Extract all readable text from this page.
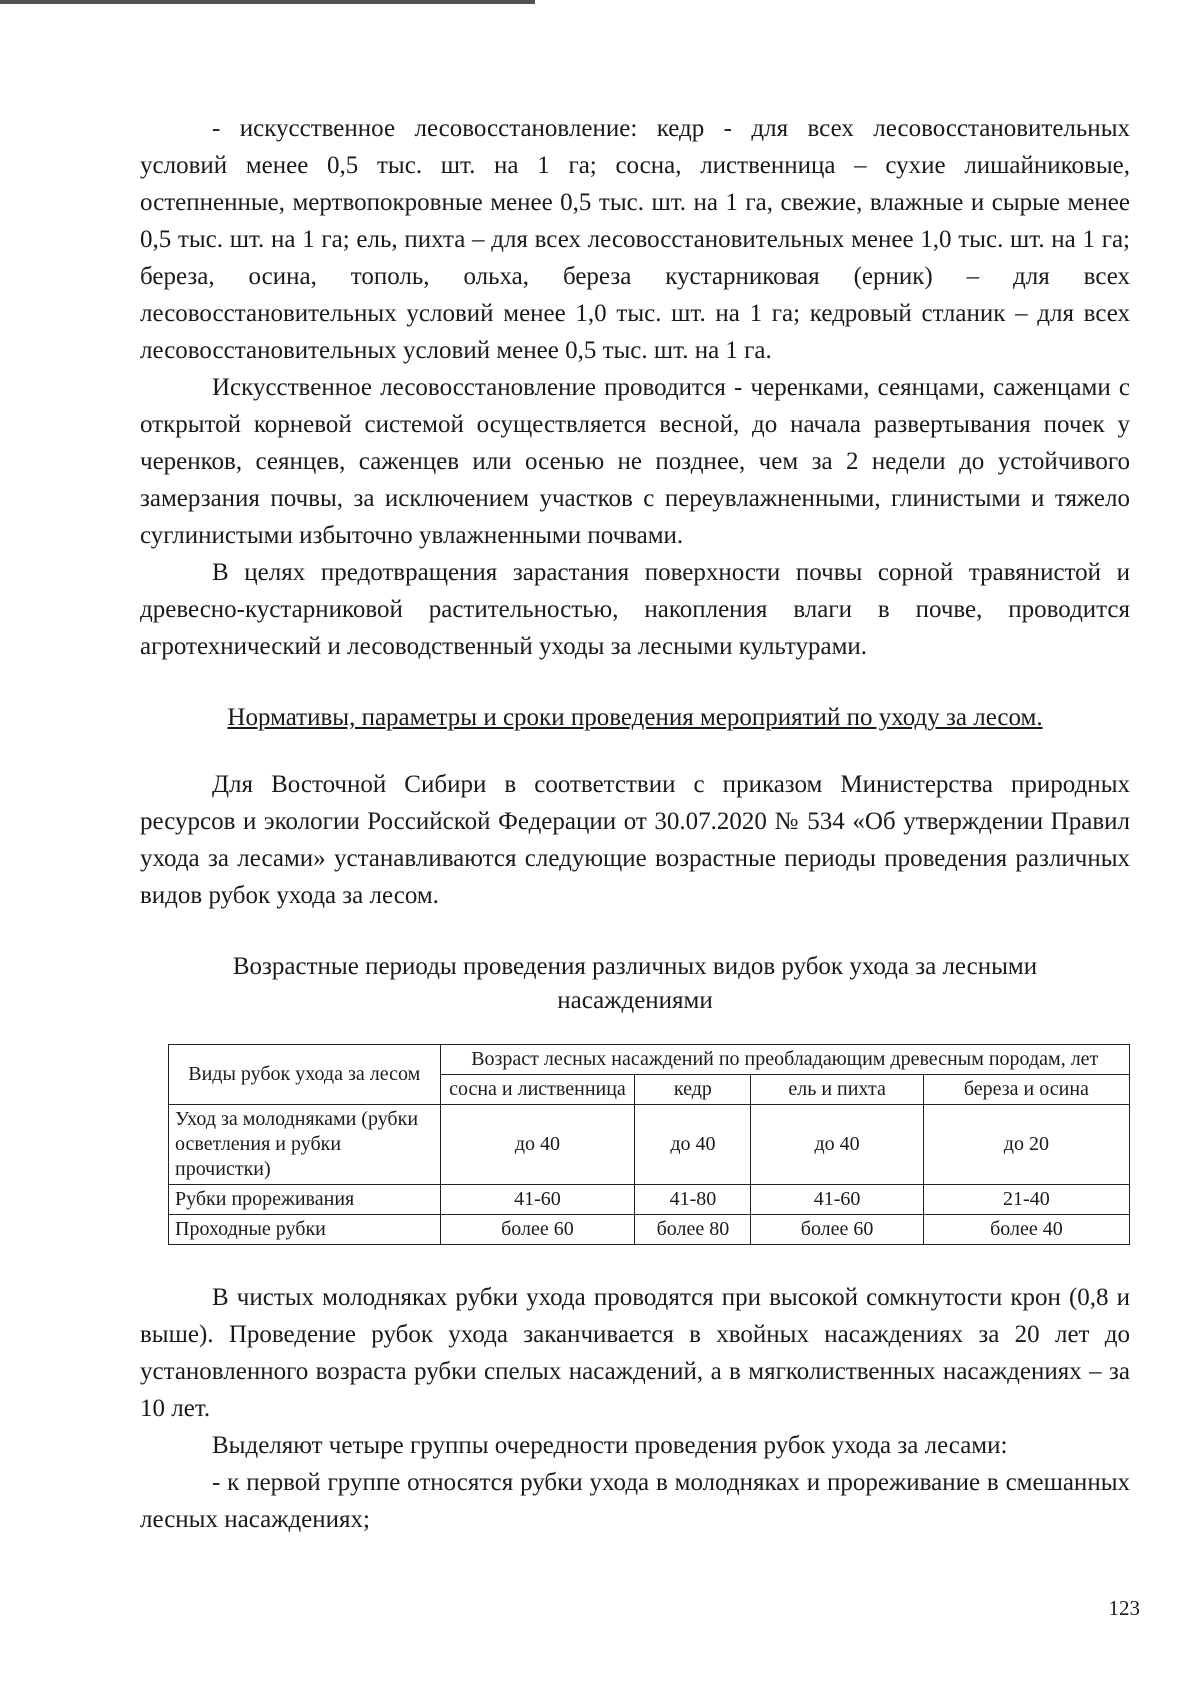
- искусственное лесовосстановление: кедр - для всех лесовосстановительных условий менее 0,5 тыс. шт. на 1 га; сосна, лиственница – сухие лишайниковые, остепненные, мертвопокровные менее 0,5 тыс. шт. на 1 га, свежие, влажные и сырые менее 0,5 тыс. шт. на 1 га; ель, пихта – для всех лесовосстановительных менее 1,0 тыс. шт. на 1 га; береза, осина, тополь, ольха, береза кустарниковая (ерник) – для всех лесовосстановительных условий менее 1,0 тыс. шт. на 1 га; кедровый стланик – для всех лесовосстановительных условий менее 0,5 тыс. шт. на 1 га.

Искусственное лесовосстановление проводится - черенками, сеянцами, саженцами с открытой корневой системой осуществляется весной, до начала развертывания почек у черенков, сеянцев, саженцев или осенью не позднее, чем за 2 недели до устойчивого замерзания почвы, за исключением участков с переувлажненными, глинистыми и тяжело суглинистыми избыточно увлажненными почвами.

В целях предотвращения зарастания поверхности почвы сорной травянистой и древесно-кустарниковой растительностью, накопления влаги в почве, проводится агротехнический и лесоводственный уходы за лесными культурами.

Нормативы, параметры и сроки проведения мероприятий по уходу за лесом.

Для Восточной Сибири в соответствии с приказом Министерства природных ресурсов и экологии Российской Федерации от 30.07.2020 № 534 «Об утверждении Правил ухода за лесами» устанавливаются следующие возрастные периоды проведения различных видов рубок ухода за лесом.

Возрастные периоды проведения различных видов рубок ухода за лесными
насаждениями
Виды рубок ухода за лесом	Возраст лесных насаждений по преобладающим древесным породам, лет			
	сосна и лиственница	кедр	ель и пихта	береза и осина
Уход за молодняками (рубки осветления и рубки прочистки)	до 40	до 40	до 40	до 20
Рубки прореживания	41-60	41-80	41-60	21-40
Проходные рубки	более 60	более 80	более 60	более 40

В чистых молодняках рубки ухода проводятся при высокой сомкнутости крон (0,8 и выше). Проведение рубок ухода заканчивается в хвойных насаждениях за 20 лет до установленного возраста рубки спелых насаждений, а в мягколиственных насаждениях – за 10 лет.

Выделяют четыре группы очередности проведения рубок ухода за лесами:

- к первой группе относятся рубки ухода в молодняках и прореживание в смешанных лесных насаждениях;

123
